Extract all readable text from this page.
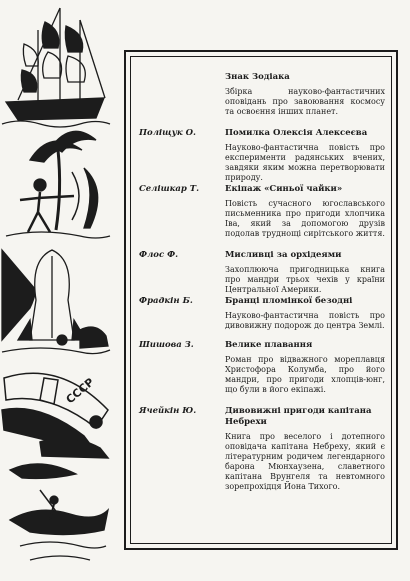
СССР
Знак Зодіака

Збірка науково-фантастичних оповідань про завоювання космосу та освоєння інших планет.

Поліщук О.	Помилка Олексія Алексеєва

Науково-фантастична повість про експерименти радянських вчених, завдяки яким можна перетворювати природу.

Селішкар Т.	Екіпаж «Синьої чайки»

Повість сучасного югославського письменника про пригоди хлопчика Іва, який за допомогою друзів подолав труднощі сирітського життя.

Флос Ф.	Мисливці за орхідеями

Захоплююча пригодницька книга про мандри трьох чехів у країни Центральної Америки.

Фрадкін Б.	Бранці пломінкої безодні

Науково-фантастична повість про дивовижну подорож до центра Землі.

Шишова З.	Велике плавання

Роман про відважного мореплавця Христофора Колумба, про його мандри, про пригоди хлопців-юнг, що були в його екіпажі.

Ячейкін Ю.	Дивовижні пригоди капітана Небрехи

Книга про веселого і дотепного оповідача капітана Небреху, який є літературним родичем легендарного барона Мюнхаузена, славетного капітана Врунгеля та невтомного зорепрохідця Йона Тихого.
